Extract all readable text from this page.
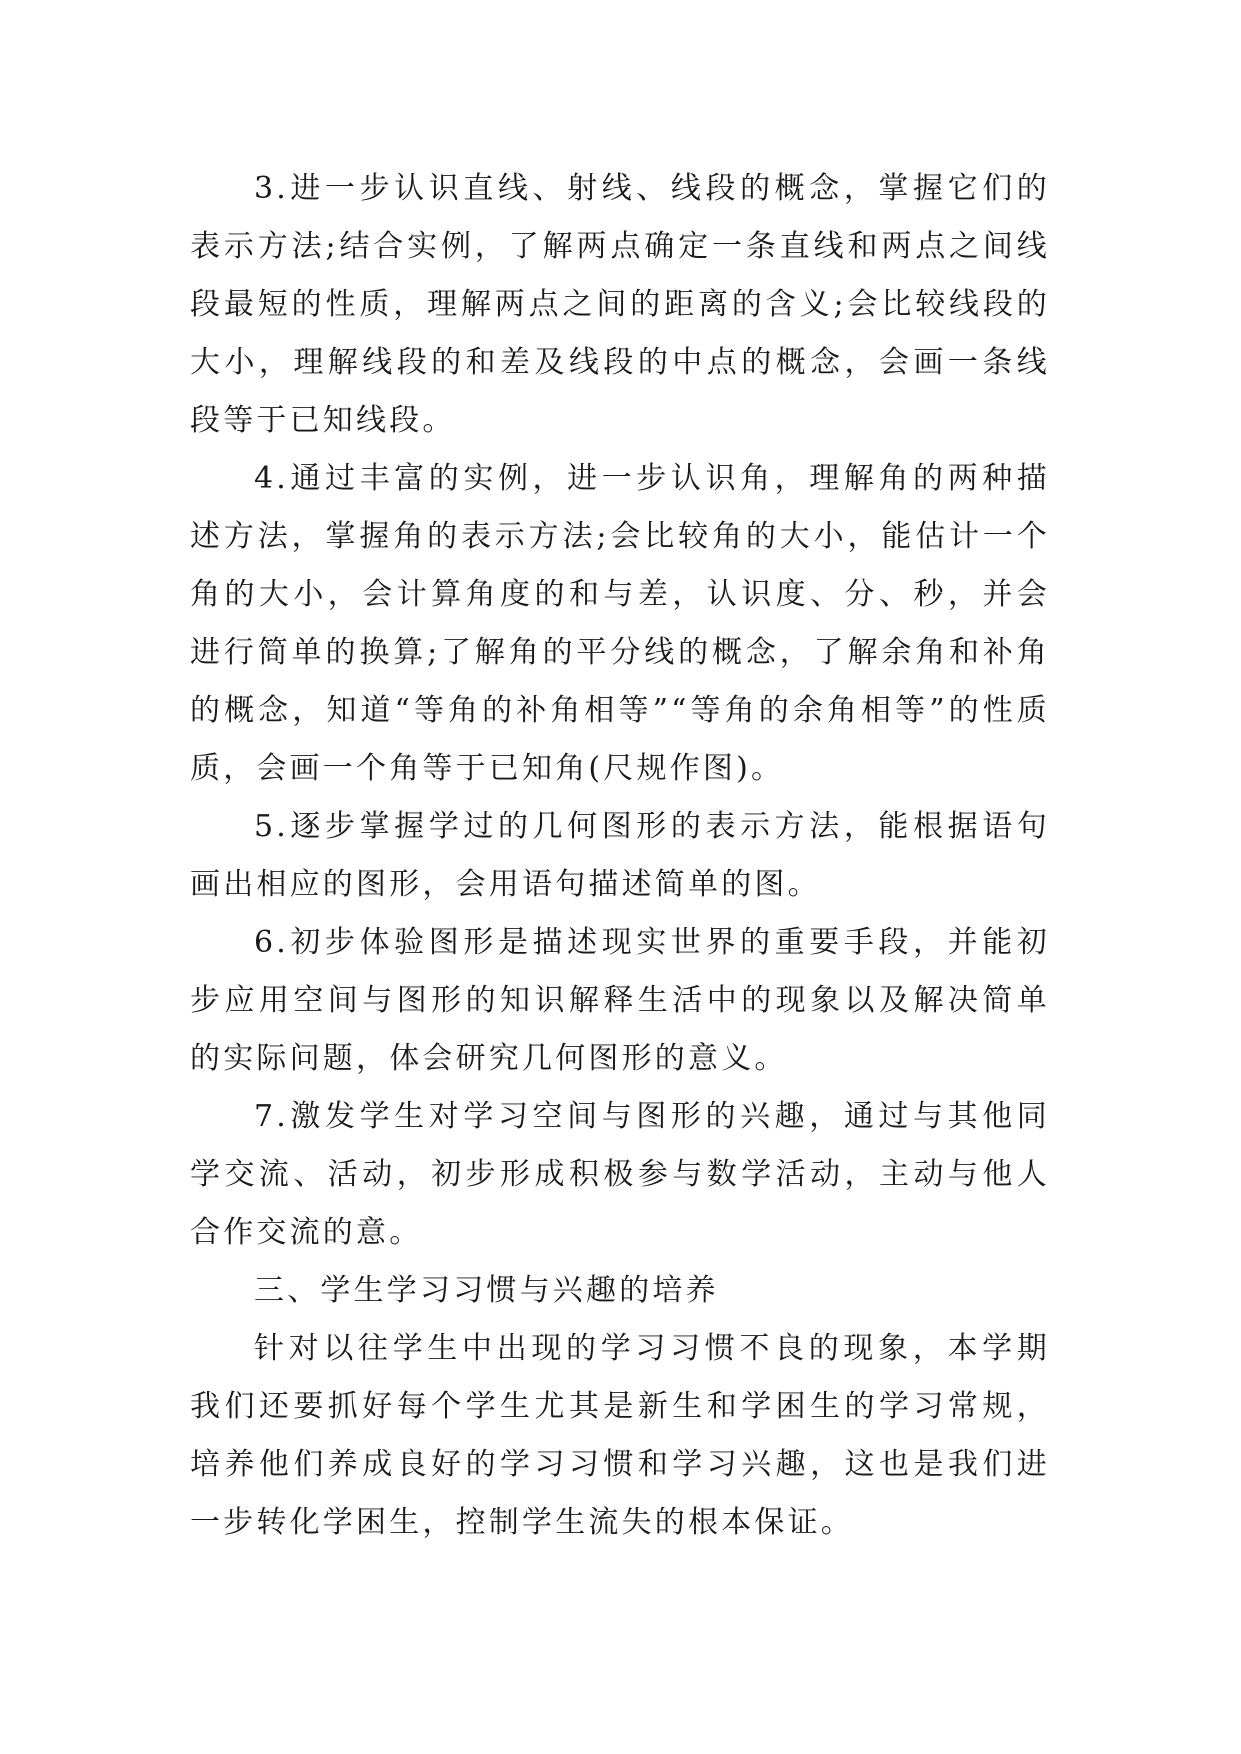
3.进一步认识直线、射线、线段的概念，掌握它们的表示方法;结合实例，了解两点确定一条直线和两点之间线段最短的性质，理解两点之间的距离的含义;会比较线段的大小，理解线段的和差及线段的中点的概念，会画一条线段等于已知线段。

4.通过丰富的实例，进一步认识角，理解角的两种描述方法，掌握角的表示方法;会比较角的大小，能估计一个角的大小，会计算角度的和与差，认识度、分、秒，并会进行简单的换算;了解角的平分线的概念，了解余角和补角的概念，知道“等角的补角相等”“等角的余角相等”的性质质，会画一个角等于已知角(尺规作图)。

5.逐步掌握学过的几何图形的表示方法，能根据语句画出相应的图形，会用语句描述简单的图。

6.初步体验图形是描述现实世界的重要手段，并能初步应用空间与图形的知识解释生活中的现象以及解决简单的实际问题，体会研究几何图形的意义。

7.激发学生对学习空间与图形的兴趣，通过与其他同学交流、活动，初步形成积极参与数学活动，主动与他人合作交流的意。

三、学生学习习惯与兴趣的培养

针对以往学生中出现的学习习惯不良的现象，本学期我们还要抓好每个学生尤其是新生和学困生的学习常规，培养他们养成良好的学习习惯和学习兴趣，这也是我们进一步转化学困生，控制学生流失的根本保证。
